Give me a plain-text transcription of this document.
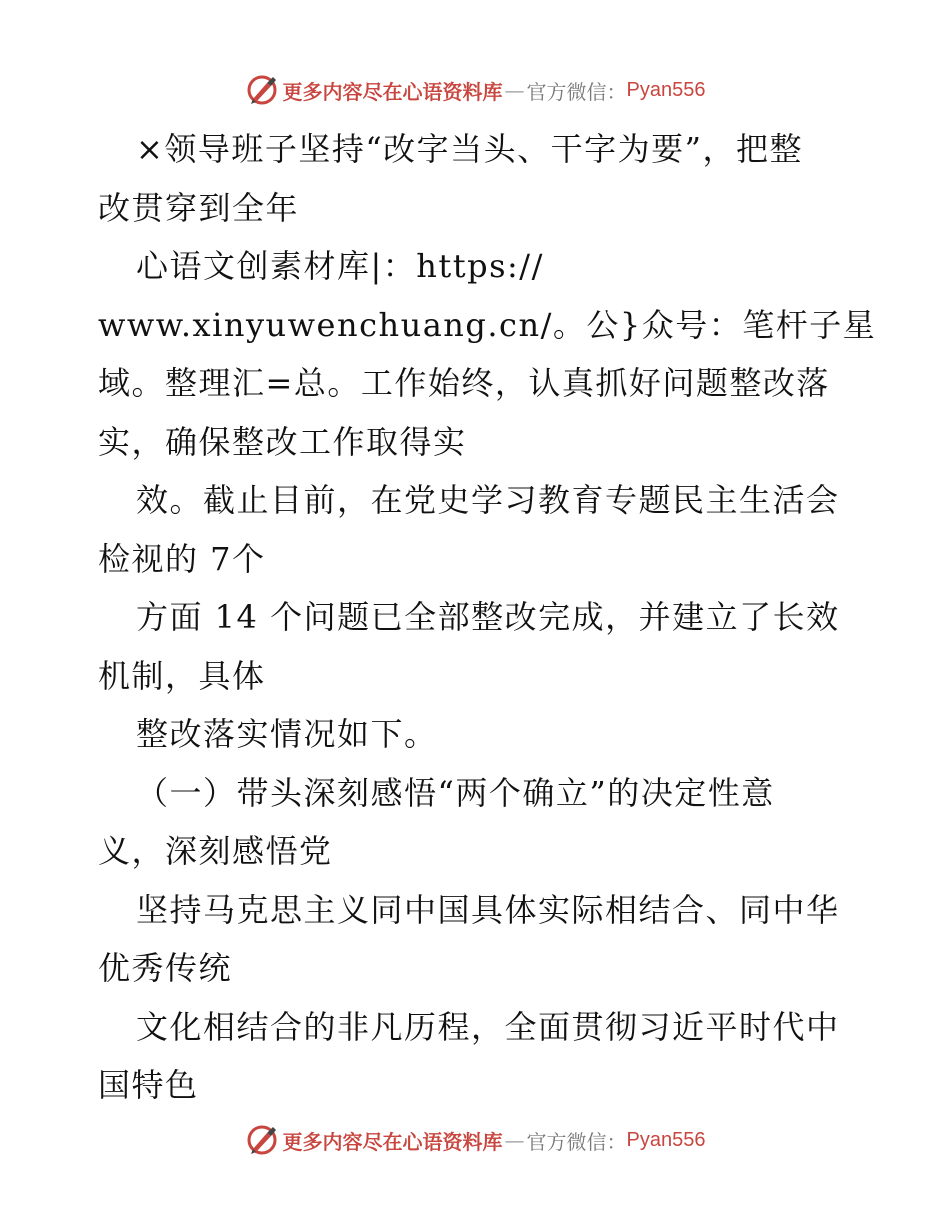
更多内容尽在心语资料库 — 官方微信： Pyan556
×领导班子坚持“改字当头、干字为要”，把整
改贯穿到全年
心语文创素材库|：https://
www.xinyuwenchuang.cn/。公}众号：笔杆子星
域。整理汇=总。工作始终，认真抓好问题整改落
实，确保整改工作取得实
效。截止目前，在党史学习教育专题民主生活会
检视的 7个
方面 14 个问题已全部整改完成，并建立了长效
机制，具体
整改落实情况如下。
（一）带头深刻感悟“两个确立”的决定性意
义，深刻感悟党
坚持马克思主义同中国具体实际相结合、同中华
优秀传统
文化相结合的非凡历程，全面贯彻习近平时代中
国特色
更多内容尽在心语资料库 — 官方微信： Pyan556
